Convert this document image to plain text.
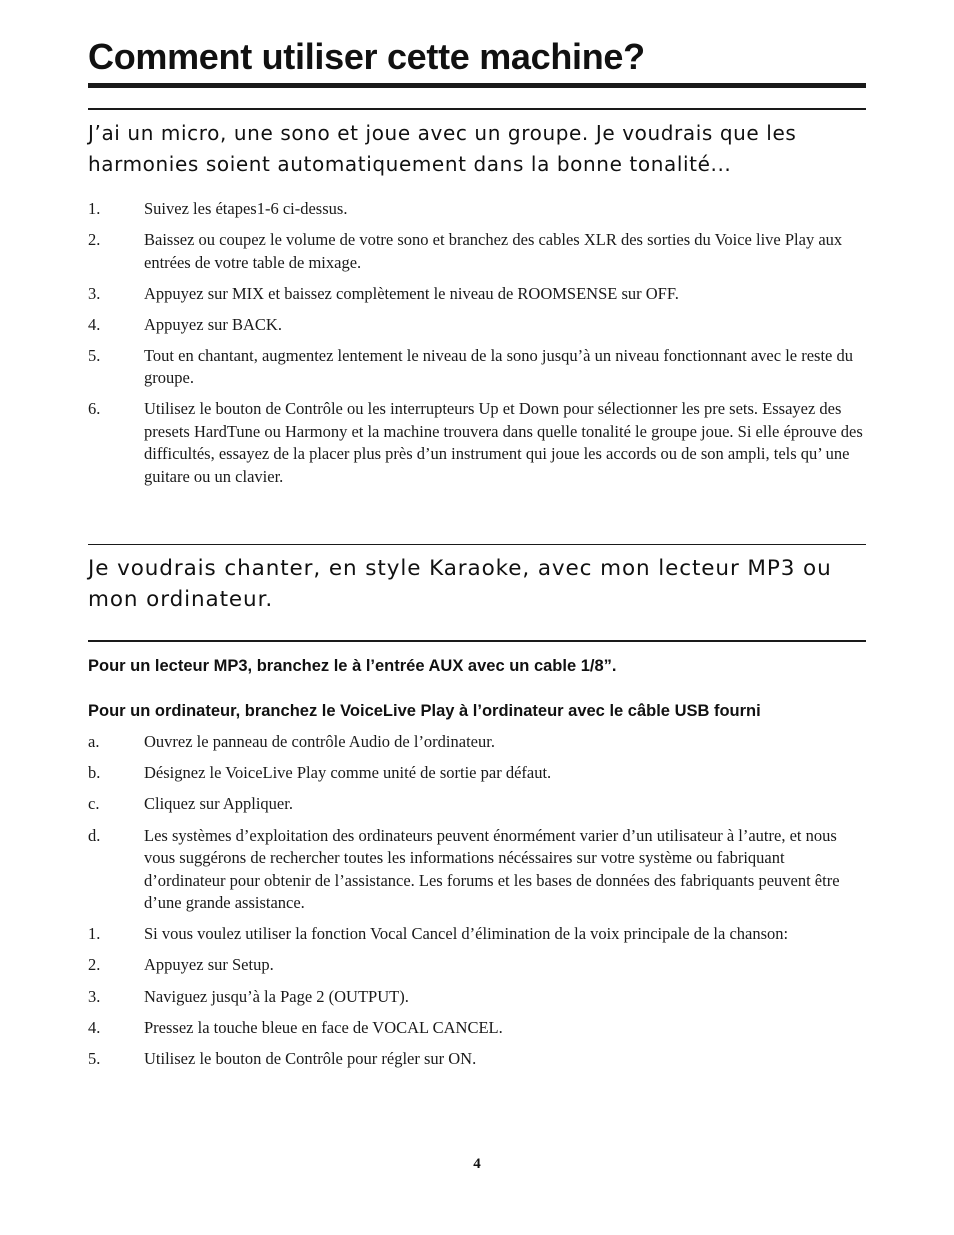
Comment utiliser cette machine?

J’ai un micro, une sono et joue avec un groupe. Je voudrais que les harmonies soient automatiquement dans la bonne tonalité...

1.	Suivez les étapes1-6 ci-dessus.
2.	Baissez ou coupez le volume de votre sono et branchez des cables XLR des sorties du Voice live Play aux entrées de votre table de mixage.
3.	Appuyez sur MIX et baissez complètement le niveau de ROOMSENSE sur OFF.
4.	Appuyez sur BACK.
5.	Tout en chantant, augmentez lentement le niveau de la sono jusqu’à un niveau fonctionnant avec le reste du groupe.
6.	Utilisez le bouton de Contrôle ou les interrupteurs Up et Down pour sélectionner les pre sets. Essayez des presets HardTune ou Harmony et la machine trouvera dans quelle tonalité le groupe joue. Si elle éprouve des difficultés, essayez de la placer plus près d’un instrument qui joue les accords ou de son ampli, tels qu’ une guitare ou un clavier.

Je voudrais chanter, en style Karaoke, avec mon lecteur MP3 ou mon ordinateur.

Pour un lecteur MP3, branchez le à l’entrée AUX avec un cable 1/8”.

Pour un ordinateur, branchez le VoiceLive Play à l’ordinateur avec le câble USB fourni

a.	Ouvrez le panneau de contrôle Audio de l’ordinateur.
b.	Désignez le VoiceLive Play comme unité de sortie par défaut.
c.	Cliquez sur Appliquer.
d.	Les systèmes d’exploitation des ordinateurs peuvent énormément varier d’un utilisateur à l’autre, et nous vous suggérons de rechercher toutes les informations nécéssaires sur votre système ou fabriquant d’ordinateur pour obtenir de l’assistance. Les forums et les bases de données des fabriquants peuvent être d’une grande assistance.
1.	Si vous voulez utiliser la fonction Vocal Cancel d’élimination de la voix principale de la chanson:
2.	Appuyez sur Setup.
3.	Naviguez jusqu’à la Page 2 (OUTPUT).
4.	Pressez la touche bleue en face de VOCAL CANCEL.
5.	Utilisez le bouton de Contrôle pour régler sur ON.
4
